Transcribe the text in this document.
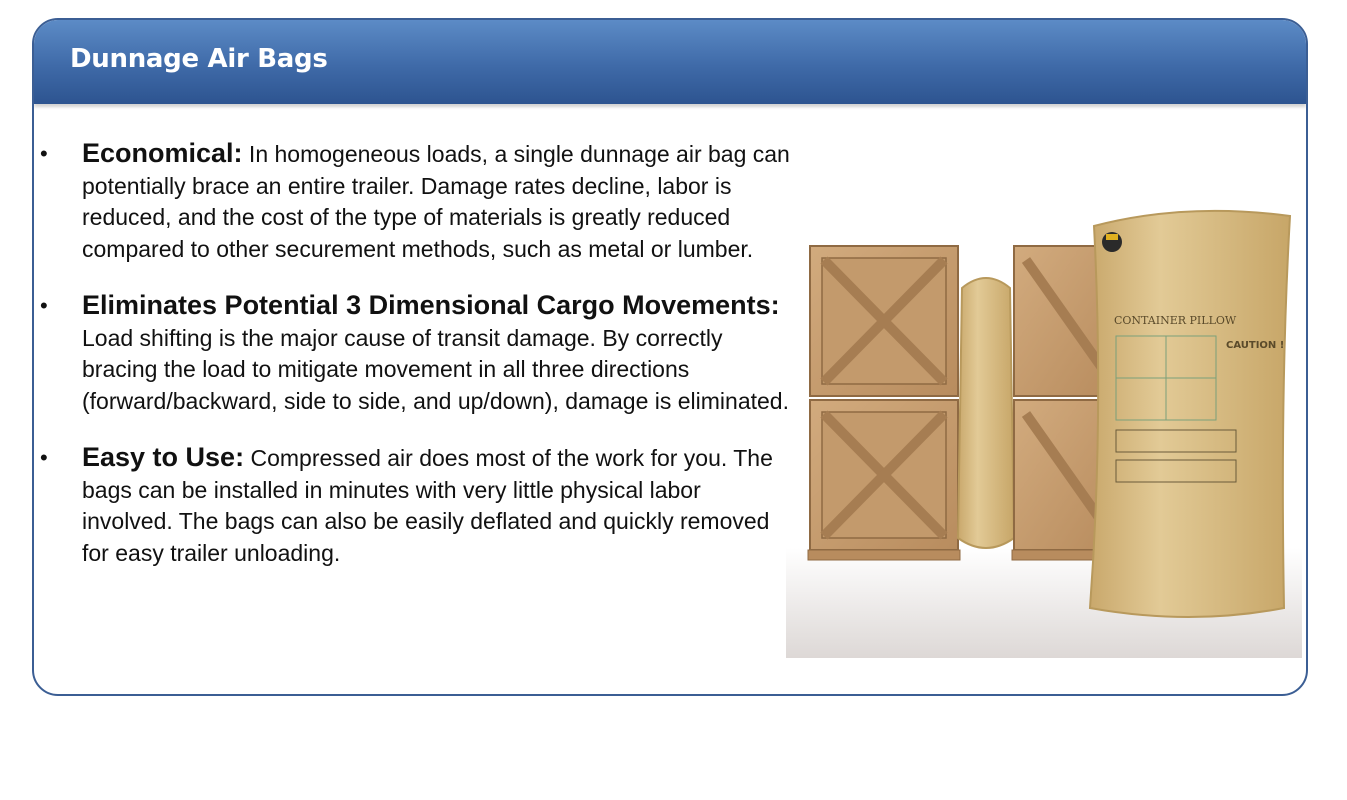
Dunnage Air Bags
• Economical: In homogeneous loads, a single dunnage air bag can potentially brace an entire trailer. Damage rates decline, labor is reduced, and the cost of the type of materials is greatly reduced compared to other securement methods, such as metal or lumber.
• Eliminates Potential 3 Dimensional Cargo Movements: Load shifting is the major cause of transit damage. By correctly bracing the load to mitigate movement in all three directions (forward/backward, side to side, and up/down), damage is eliminated.
• Easy to Use: Compressed air does most of the work for you. The bags can be installed in minutes with very little physical labor involved. The bags can also be easily deflated and quickly removed for easy trailer unloading.
CONTAINER PILLOW
CAUTION !
